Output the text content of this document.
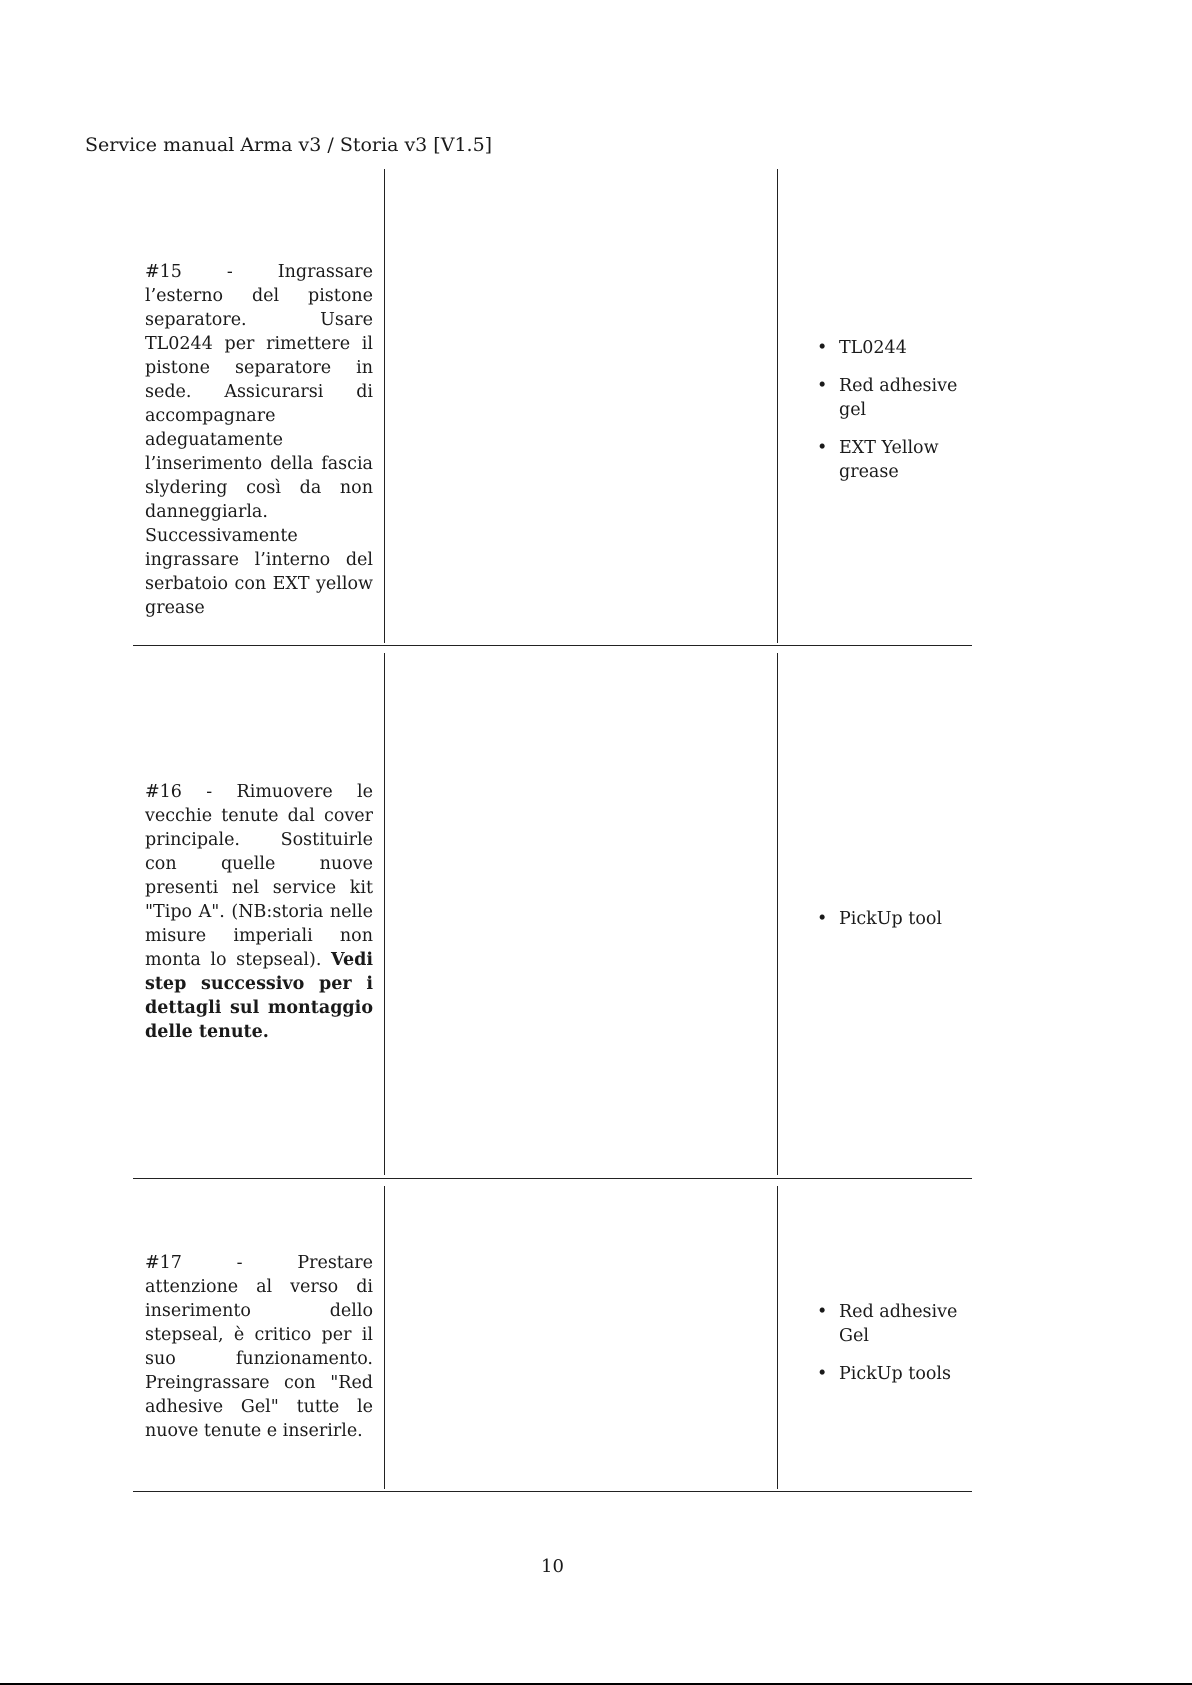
Service manual Arma v3 / Storia v3 [V1.5]
#15 - Ingrassare l’esterno del pistone separatore. Usare TL0244 per rimettere il pistone separatore in sede. Assicurarsi di accompagnare adeguatamente l’inserimento della fascia slydering così da non danneggiarla. Successivamente ingrassare l’interno del serbatoio con EXT yellow grease
• TL0244
• Red adhesive gel
• EXT Yellow grease
#16 - Rimuovere le vecchie tenute dal cover principale. Sostituirle con quelle nuove presenti nel service kit "Tipo A". (NB:storia nelle misure imperiali non monta lo stepseal). Vedi step successivo per i dettagli sul montaggio delle tenute.
• PickUp tool
#17 - Prestare attenzione al verso di inserimento dello stepseal, è critico per il suo funzionamento. Preingrassare con "Red adhesive Gel" tutte le nuove tenute e inserirle.
• Red adhesive Gel
• PickUp tools
10
